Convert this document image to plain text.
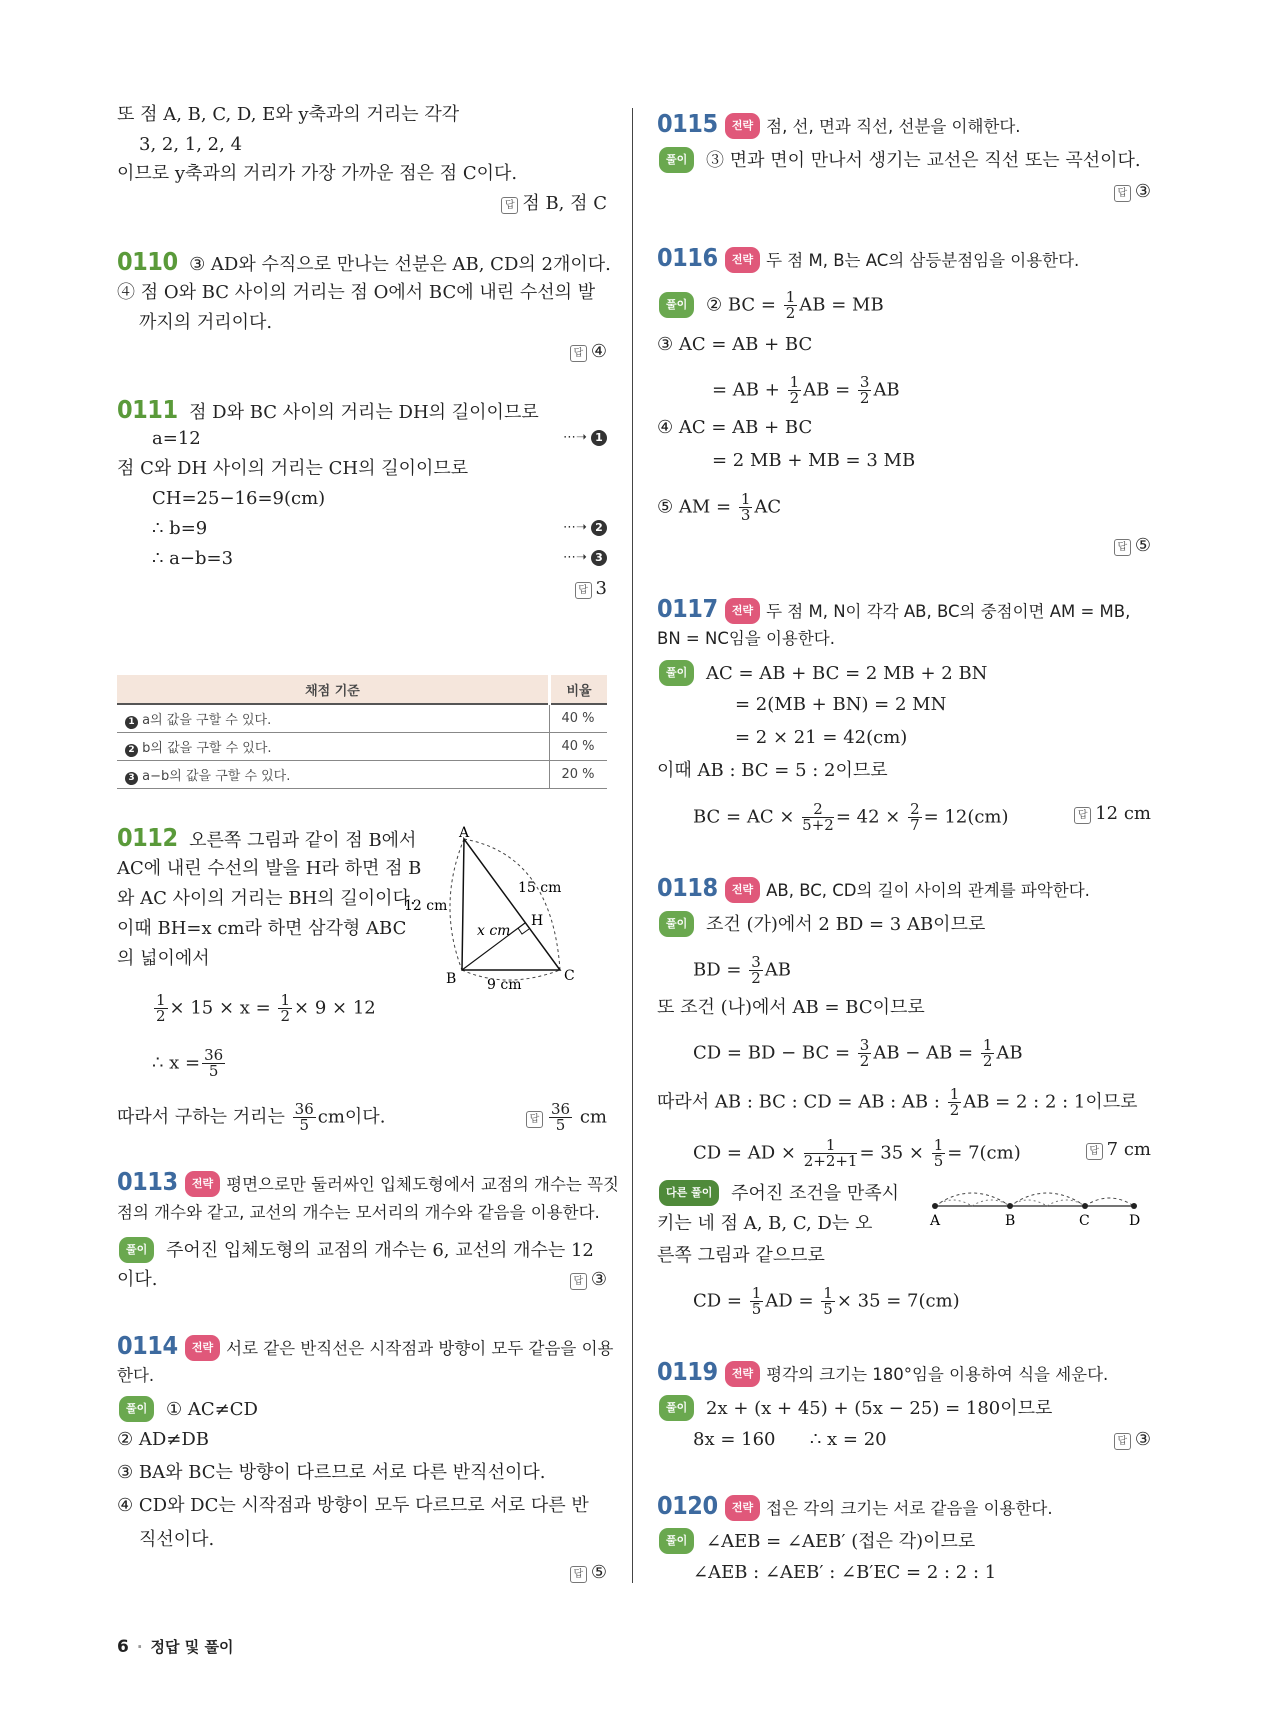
또 점 A, B, C, D, E와 y축과의 거리는 각각
3, 2, 1, 2, 4
이므로 y축과의 거리가 가장 가까운 점은 점 C이다.
답 점 B, 점 C
0110 ③ AD와 수직으로 만나는 선분은 AB, CD의 2개이다.
④ 점 O와 BC 사이의 거리는 점 O에서 BC에 내린 수선의 발
까지의 거리이다.
답 ④
0111 점 D와 BC 사이의 거리는 DH의 길이이므로
a=12	⋯➝ 1
점 C와 DH 사이의 거리는 CH의 길이이므로
CH=25−16=9(cm)
∴ b=9	⋯➝ 2
∴ a−b=3	⋯➝ 3
답 3
채점 기준	비율
1 a의 값을 구할 수 있다.	40 %
2 b의 값을 구할 수 있다.	40 %
3 a−b의 값을 구할 수 있다.	20 %
0112 오른쪽 그림과 같이 점 B에서
AC에 내린 수선의 발을 H라 하면 점 B
와 AC 사이의 거리는 BH의 길이이다.
이때 BH=x cm라 하면 삼각형 ABC
의 넓이에서
$\frac{1}{2} \times 15 \times x = \frac{1}{2} \times 9 \times 12$
∴ $x = \frac{36}{5}$
따라서 구하는 거리는 $\frac{36}{5}$ cm이다.	답 $\frac{36}{5}$ cm
A
B	C
H
12 cm
15 cm
9 cm
x cm
0113 전략 평면으로만 둘러싸인 입체도형에서 교점의 개수는 꼭짓
점의 개수와 같고, 교선의 개수는 모서리의 개수와 같음을 이용한다.
풀이 주어진 입체도형의 교점의 개수는 6, 교선의 개수는 12
이다.	답 ③
0114 전략 서로 같은 반직선은 시작점과 방향이 모두 같음을 이용
한다.
풀이 ① AC≠CD
② AD≠DB
③ BA와 BC는 방향이 다르므로 서로 다른 반직선이다.
④ CD와 DC는 시작점과 방향이 모두 다르므로 서로 다른 반
직선이다.
답 ⑤
0115 전략 점, 선, 면과 직선, 선분을 이해한다.
풀이 ③ 면과 면이 만나서 생기는 교선은 직선 또는 곡선이다.
답 ③
0116 전략 두 점 M, B는 AC의 삼등분점임을 이용한다.
풀이 ② BC = $\frac{1}{2}$ AB = MB
③ AC = AB + BC
= AB + $\frac{1}{2}$ AB = $\frac{3}{2}$ AB
④ AC = AB + BC
= 2 MB + MB = 3 MB
⑤ AM = $\frac{1}{3}$ AC
답 ⑤
0117 전략 두 점 M, N이 각각 AB, BC의 중점이면 AM = MB,
BN = NC임을 이용한다.
풀이 AC = AB + BC = 2 MB + 2 BN
= 2(MB + BN) = 2 MN
= 2 × 21 = 42(cm)
이때 AB : BC = 5 : 2이므로
BC = AC × $\frac{2}{5+2} = 42 \times \frac{2}{7} = 12(cm)$	답 12 cm
0118 전략 AB, BC, CD의 길이 사이의 관계를 파악한다.
풀이 조건 (가)에서 2 BD = 3 AB이므로
BD = $\frac{3}{2}$ AB
또 조건 (나)에서 AB = BC이므로
CD = BD − BC = $\frac{3}{2}$ AB − AB = $\frac{1}{2}$ AB
따라서 AB : BC : CD = AB : AB : $\frac{1}{2}$ AB = 2 : 2 : 1이므로
CD = AD × $\frac{1}{2+2+1} = 35 \times \frac{1}{5} = 7(cm)$	답 7 cm
다른 풀이 주어진 조건을 만족시
키는 네 점 A, B, C, D는 오
른쪽 그림과 같으므로
CD = $\frac{1}{5}$ AD = $\frac{1}{5} \times 35 = 7(cm)$
A	B	C	D
0119 전략 평각의 크기는 180°임을 이용하여 식을 세운다.
풀이 2x + (x + 45) + (5x − 25) = 180이므로
8x = 160 ∴ x = 20	답 ③
0120 전략 접은 각의 크기는 서로 같음을 이용한다.
풀이 ∠AEB = ∠AEB′ (접은 각)이므로
∠AEB : ∠AEB′ : ∠B′EC = 2 : 2 : 1
6 · 정답 및 풀이
